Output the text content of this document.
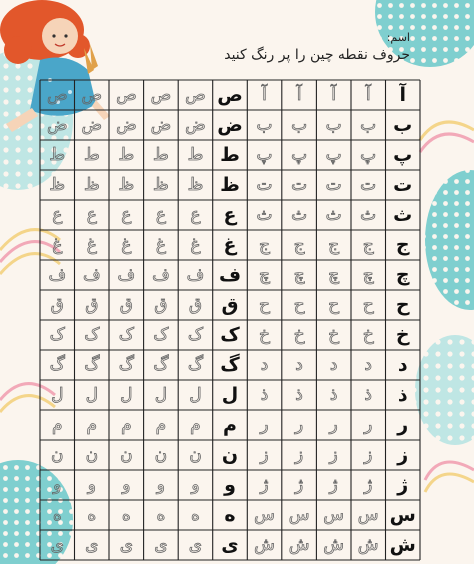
اسم:
حروف نقطه چین را پر رنگ کنید
آ
آ
آ
آ
آ
ب
ب
ب
ب
ب
پ
پ
پ
پ
پ
ت
ت
ت
ت
ت
ث
ث
ث
ث
ث
ج
ج
ج
ج
ج
چ
چ
چ
چ
چ
ح
ح
ح
ح
ح
خ
خ
خ
خ
خ
د
د
د
د
د
ذ
ذ
ذ
ذ
ذ
ر
ر
ر
ر
ر
ز
ز
ز
ز
ز
ژ
ژ
ژ
ژ
ژ
س
س
س
س
س
ش
ش
ش
ش
ش
ص
ص
ص
ص
ص
ص
ض
ض
ض
ض
ض
ض
ط
ط
ط
ط
ط
ط
ظ
ظ
ظ
ظ
ظ
ظ
ع
ع
ع
ع
ع
ع
غ
غ
غ
غ
غ
غ
ف
ف
ف
ف
ف
ف
ق
ق
ق
ق
ق
ق
ک
ک
ک
ک
ک
ک
گ
گ
گ
گ
گ
گ
ل
ل
ل
ل
ل
ل
م
م
م
م
م
م
ن
ن
ن
ن
ن
ن
و
و
و
و
و
و
ه
ه
ه
ه
ه
ه
ی
ی
ی
ی
ی
ی
